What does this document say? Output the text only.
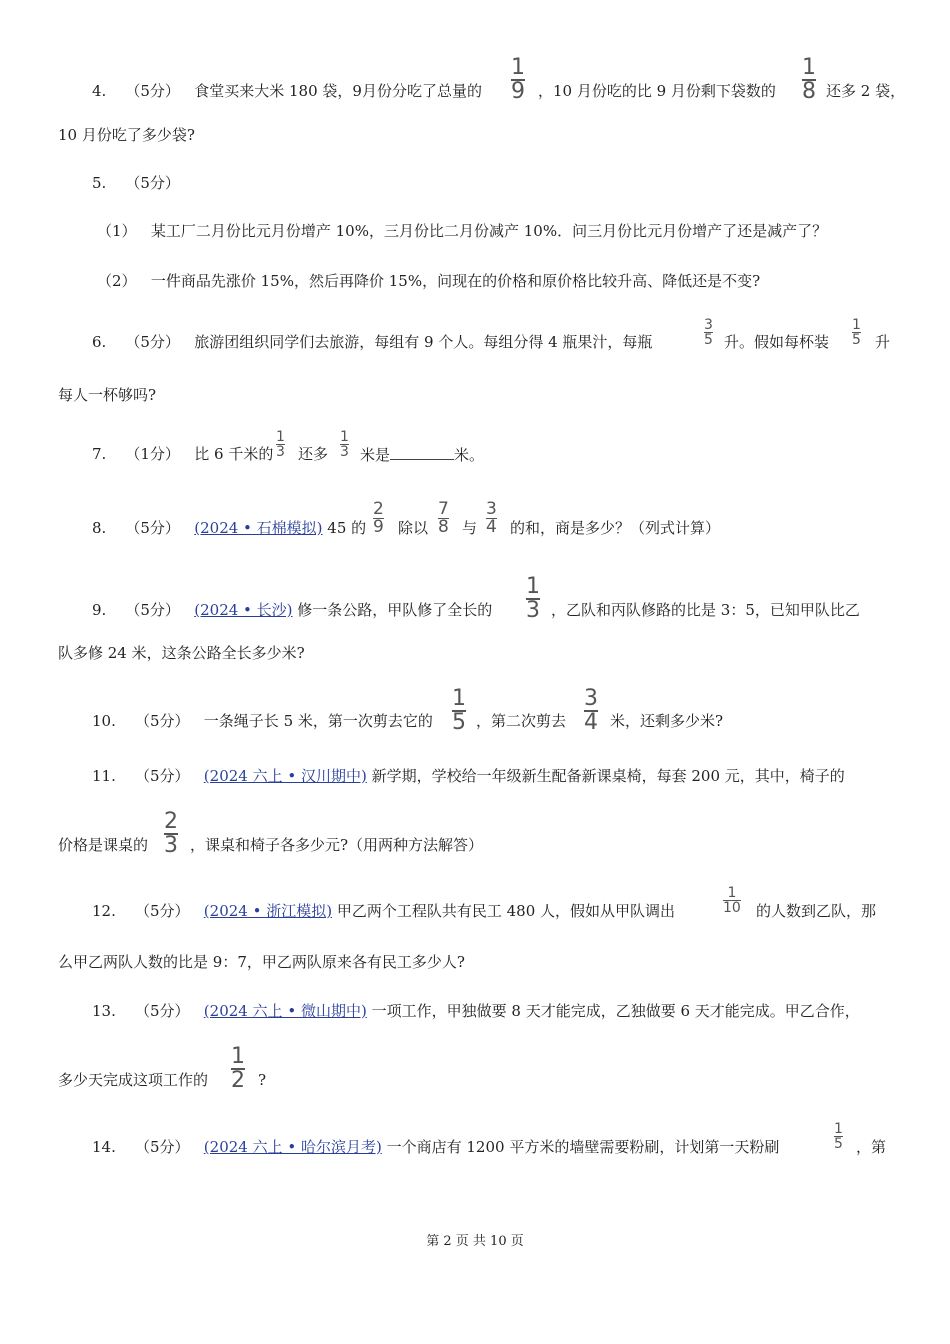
4. （5分） 食堂买来大米 180 袋，9月份分吃了总量的
1
9 ，10 月份吃的比 9 月份剩下袋数的
1
8 还多 2 袋，
10 月份吃了多少袋?
5. （5分）
（1） 某工厂二月份比元月份增产 10%，三月份比二月份减产 10%．问三月份比元月份增产了还是减产了？
（2） 一件商品先涨价 15%，然后再降价 15%，问现在的价格和原价格比较升高、降低还是不变?
6. （5分） 旅游团组织同学们去旅游，每组有 9 个人。每组分得 4 瓶果汁，每瓶
3
5 升。假如每杯装
1
5 升
每人一杯够吗?
7. （1分） 比 6 千米的
1
3 还多
1
3 米是	米。
8. （5分） (2024 • 石棉模拟) 45 的
2
9 除以
7
8 与
3
4 的和，商是多少？（列式计算）
9. （5分） (2024 • 长沙) 修一条公路，甲队修了全长的
1
3 ，乙队和丙队修路的比是 3：5，已知甲队比乙
队多修 24 米，这条公路全长多少米?
10. （5分） 一条绳子长 5 米，第一次剪去它的
1
5 ，第二次剪去
3
4 米，还剩多少米?
11. （5分） (2024 六上 • 汉川期中) 新学期，学校给一年级新生配备新课桌椅，每套 200 元，其中，椅子的
价格是课桌的
2
3 ，课桌和椅子各多少元?（用两种方法解答）
12. （5分） (2024 • 浙江模拟) 甲乙两个工程队共有民工 480 人，假如从甲队调出
1
10 的人数到乙队，那
么甲乙两队人数的比是 9：7，甲乙两队原来各有民工多少人?
13. （5分） (2024 六上 • 微山期中) 一项工作，甲独做要 8 天才能完成，乙独做要 6 天才能完成。甲乙合作，
多少天完成这项工作的
1
2 ?
14. （5分） (2024 六上 • 哈尔滨月考) 一个商店有 1200 平方米的墙壁需要粉刷，计划第一天粉刷
1
5 ，第
第 2 页 共 10 页
